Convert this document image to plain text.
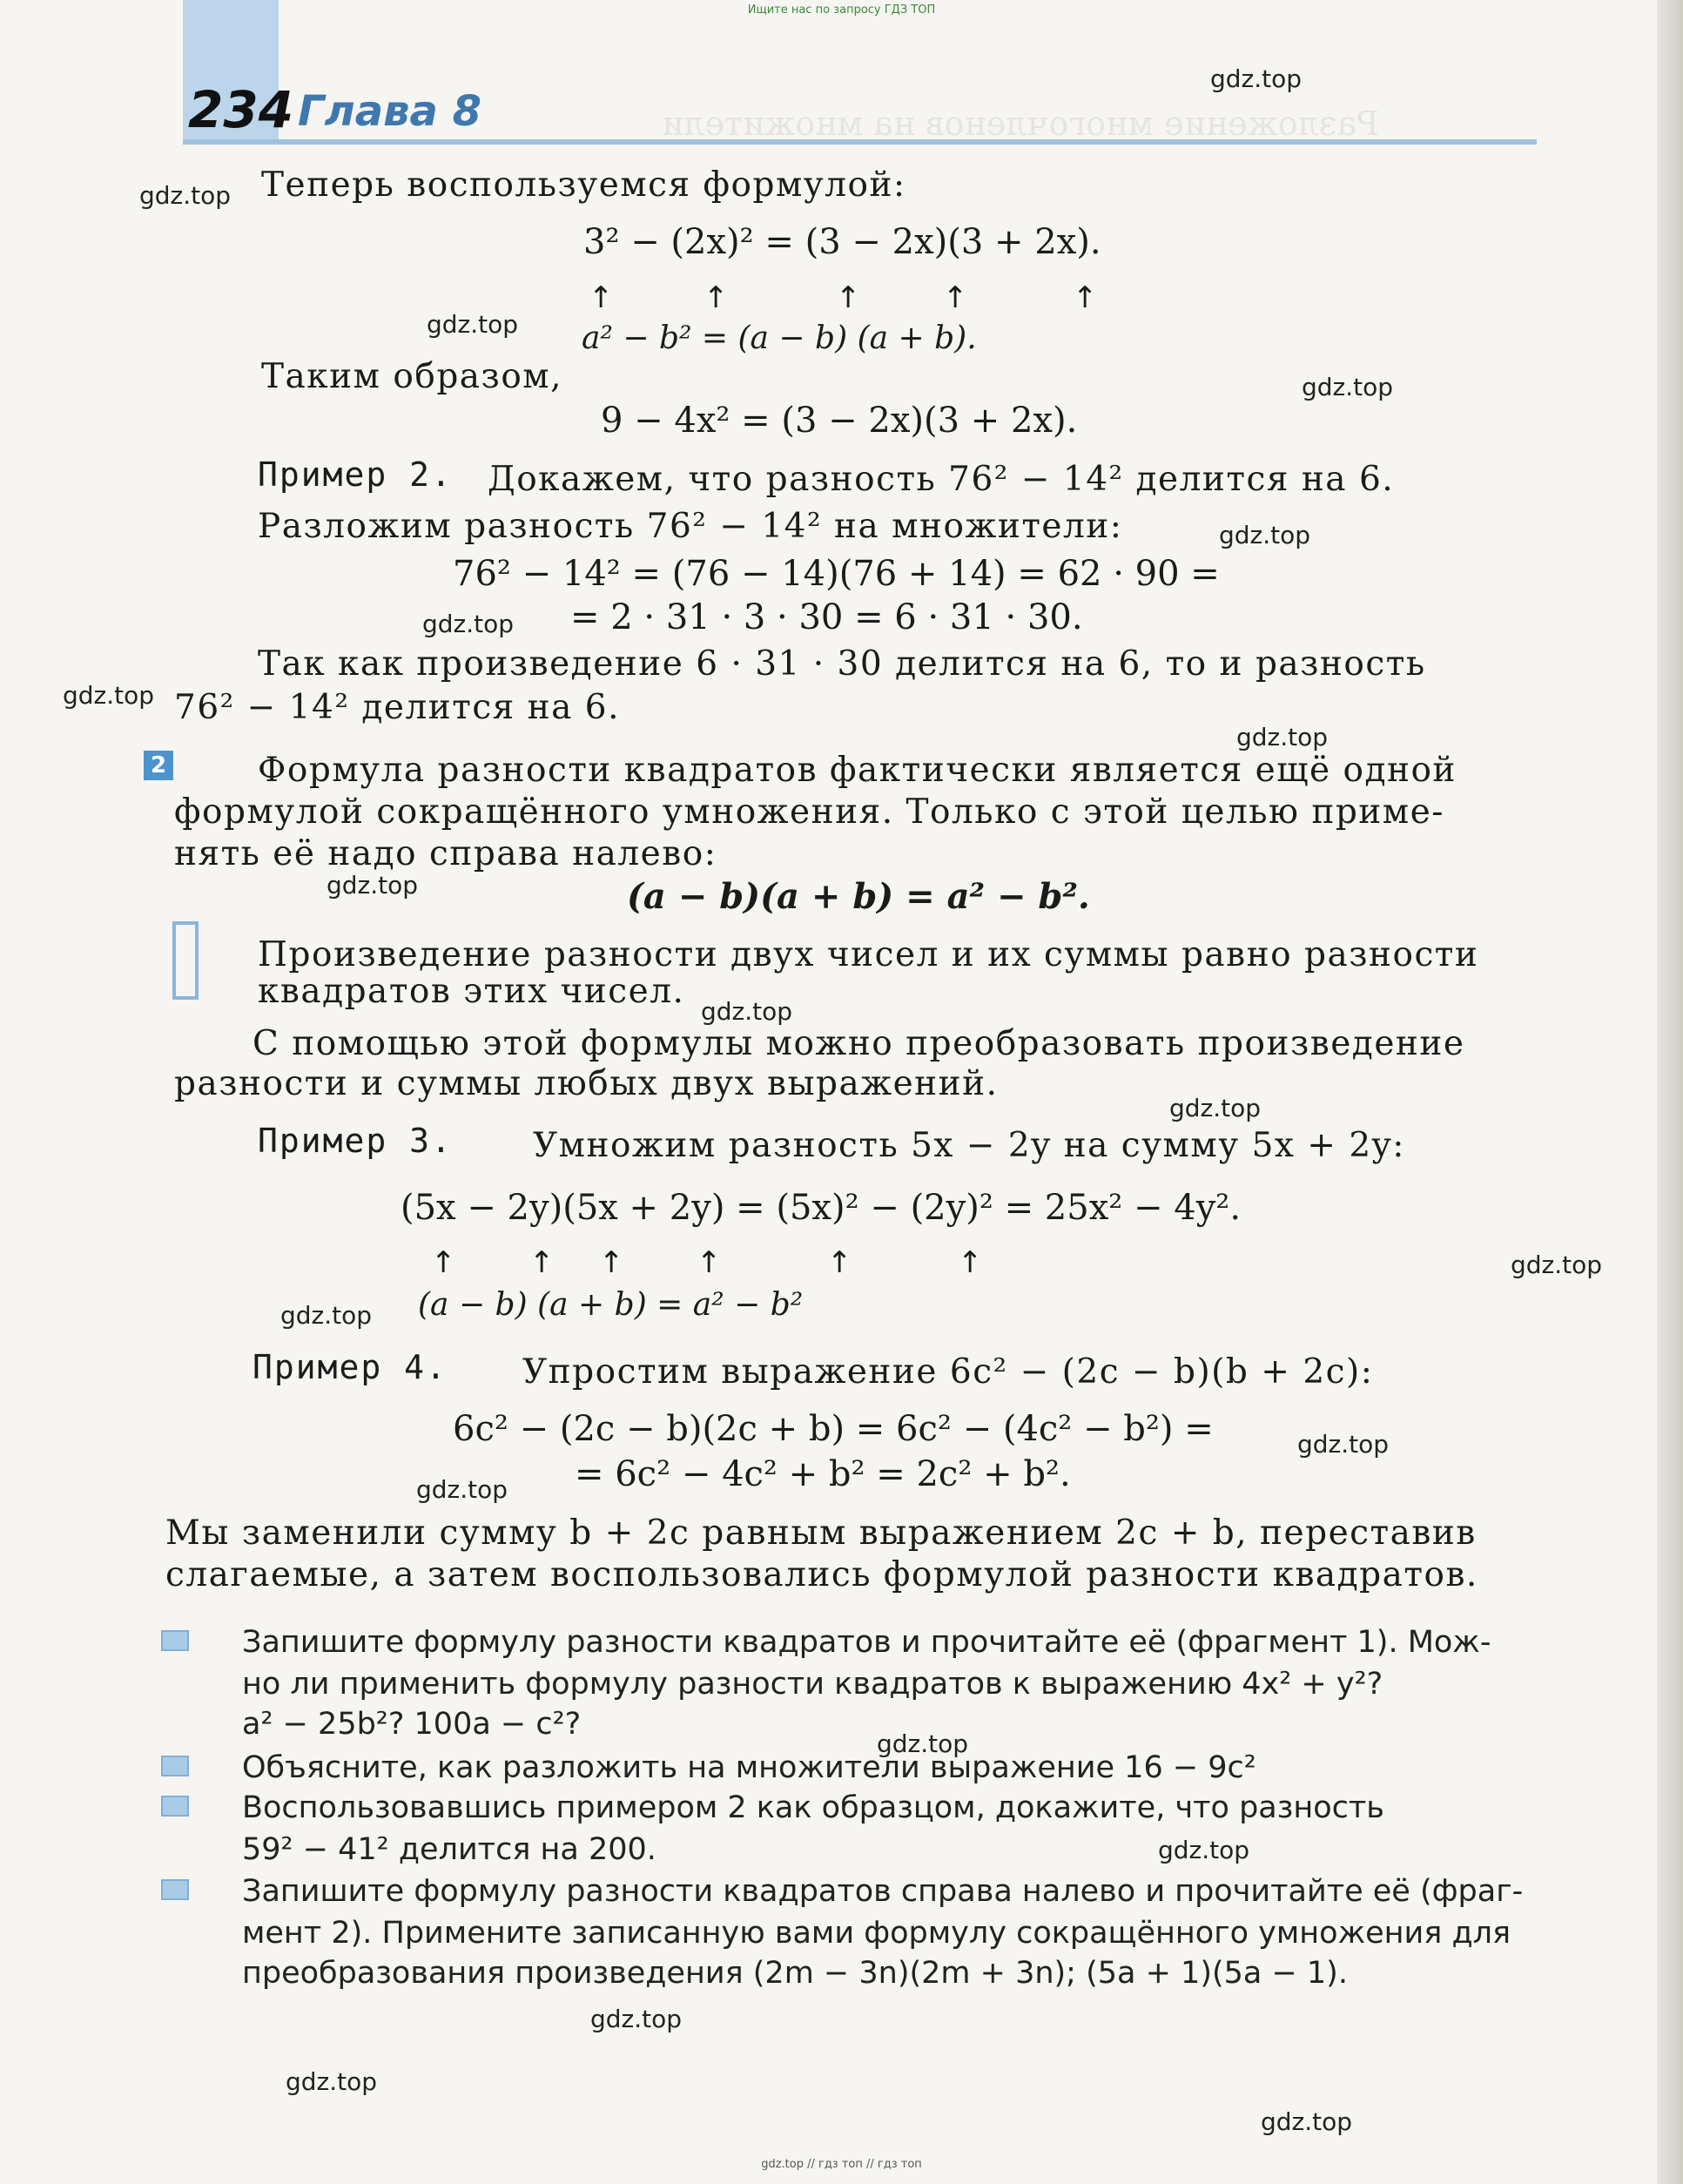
Ищите нас по запросу ГДЗ ТОП
234 Глава 8	Разложение многочленов на множители
Теперь воспользуемся формулой:
3² − (2x)² = (3 − 2x)(3 + 2x).
↑	↑	↑	↑	↑
a² − b² = (a − b) (a + b).
Таким образом,
9 − 4x² = (3 − 2x)(3 + 2x).
Пример 2. Докажем, что разность 76² − 14² делится на 6.
Разложим разность 76² − 14² на множители:
76² − 14² = (76 − 14)(76 + 14) = 62 · 90 =
= 2 · 31 · 3 · 30 = 6 · 31 · 30.
Так как произведение 6 · 31 · 30 делится на 6, то и разность
76² − 14² делится на 6.
2	Формула разности квадратов фактически является ещё одной
формулой сокращённого умножения. Только с этой целью приме-
нять её надо справа налево:
(a − b)(a + b) = a² − b².
Произведение разности двух чисел и их суммы равно разности
квадратов этих чисел.
С помощью этой формулы можно преобразовать произведение
разности и суммы любых двух выражений.
Пример 3. Умножим разность 5x − 2y на сумму 5x + 2y:
(5x − 2y)(5x + 2y) = (5x)² − (2y)² = 25x² − 4y².
↑ ↑ ↑ ↑	↑	↑
(a − b) (a + b) = a² − b²
Пример 4. Упростим выражение 6c² − (2c − b)(b + 2c):
6c² − (2c − b)(2c + b) = 6c² − (4c² − b²) =
= 6c² − 4c² + b² = 2c² + b².
Мы заменили сумму b + 2c равным выражением 2c + b, переставив
слагаемые, а затем воспользовались формулой разности квадратов.
Запишите формулу разности квадратов и прочитайте её (фрагмент 1). Мож-
но ли применить формулу разности квадратов к выражению 4x² + y²?
a² − 25b²? 100a − c²?
Объясните, как разложить на множители выражение 16 − 9c²
Воспользовавшись примером 2 как образцом, докажите, что разность
59² − 41² делится на 200.
Запишите формулу разности квадратов справа налево и прочитайте её (фраг-
мент 2). Примените записанную вами формулу сокращённого умножения для
преобразования произведения (2m − 3n)(2m + 3n); (5a + 1)(5a − 1).
gdz.top
gdz.top
gdz.top
gdz.top
gdz.top
gdz.top
gdz.top
gdz.top
gdz.top
gdz.top
gdz.top
gdz.top
gdz.top
gdz.top
gdz.top
gdz.top
gdz.top
gdz.top
gdz.top
gdz.top
gdz.top // гдз топ // гдз топ
